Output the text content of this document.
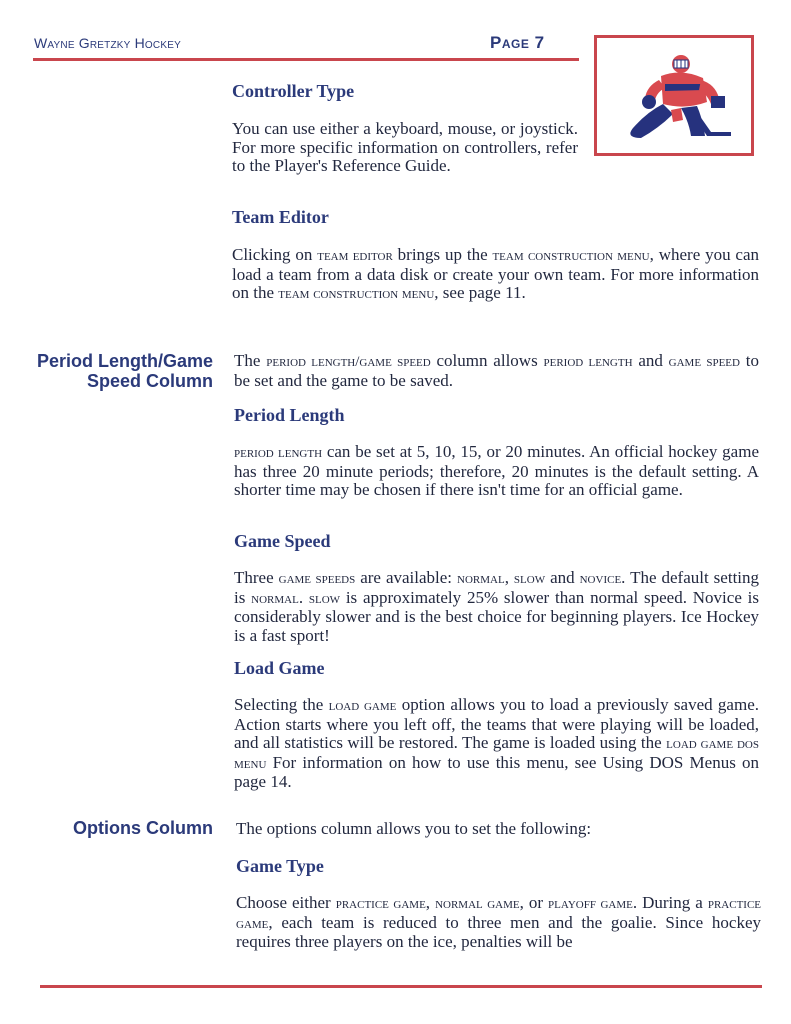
Wayne Gretzky Hockey	Page 7

Controller Type

You can use either a keyboard, mouse, or joystick. For more specific information on controllers, refer to the Player's Reference Guide.

Team Editor

Clicking on team editor brings up the team construction menu, where you can load a team from a data disk or create your own team. For more information on the team construction menu, see page 11.

Period Length/Game Speed Column

The period length/game speed column allows period length and game speed to be set and the game to be saved.

Period Length

period length can be set at 5, 10, 15, or 20 minutes. An official hockey game has three 20 minute periods; therefore, 20 minutes is the default setting. A shorter time may be chosen if there isn't time for an official game.

Game Speed

Three game speeds are available: normal, slow and novice. The default setting is normal. slow is approximately 25% slower than normal speed. Novice is considerably slower and is the best choice for beginning players. Ice Hockey is a fast sport!

Load Game

Selecting the load game option allows you to load a previously saved game. Action starts where you left off, the teams that were playing will be loaded, and all statistics will be restored. The game is loaded using the load game dos menu For information on how to use this menu, see Using DOS Menus on page 14.

Options Column The options column allows you to set the following:

Game Type

Choose either practice game, normal game, or playoff game. During a practice game, each team is reduced to three men and the goalie. Since hockey requires three players on the ice, penalties will be
